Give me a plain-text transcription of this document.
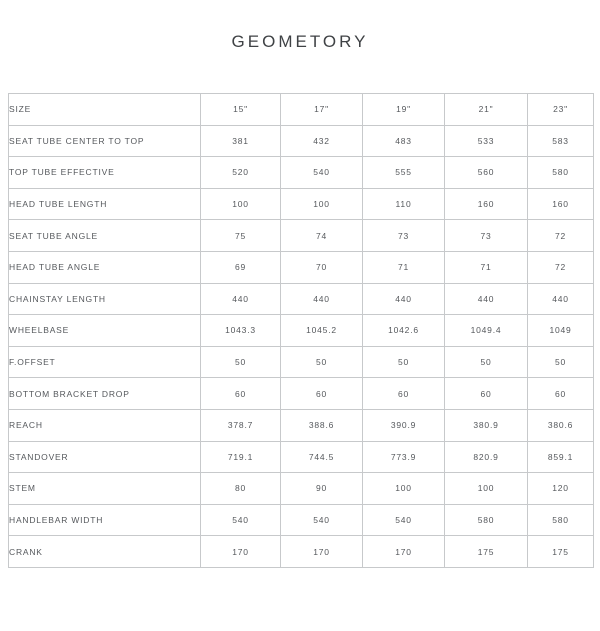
GEOMETORY
SIZE	15"	17"	19"	21"	23"
SEAT TUBE CENTER TO TOP	381	432	483	533	583
TOP TUBE EFFECTIVE	520	540	555	560	580
HEAD TUBE LENGTH	100	100	110	160	160
SEAT TUBE ANGLE	75	74	73	73	72
HEAD TUBE ANGLE	69	70	71	71	72
CHAINSTAY LENGTH	440	440	440	440	440
WHEELBASE	1043.3	1045.2	1042.6	1049.4	1049
F.OFFSET	50	50	50	50	50
BOTTOM BRACKET DROP	60	60	60	60	60
REACH	378.7	388.6	390.9	380.9	380.6
STANDOVER	719.1	744.5	773.9	820.9	859.1
STEM	80	90	100	100	120
HANDLEBAR WIDTH	540	540	540	580	580
CRANK	170	170	170	175	175
